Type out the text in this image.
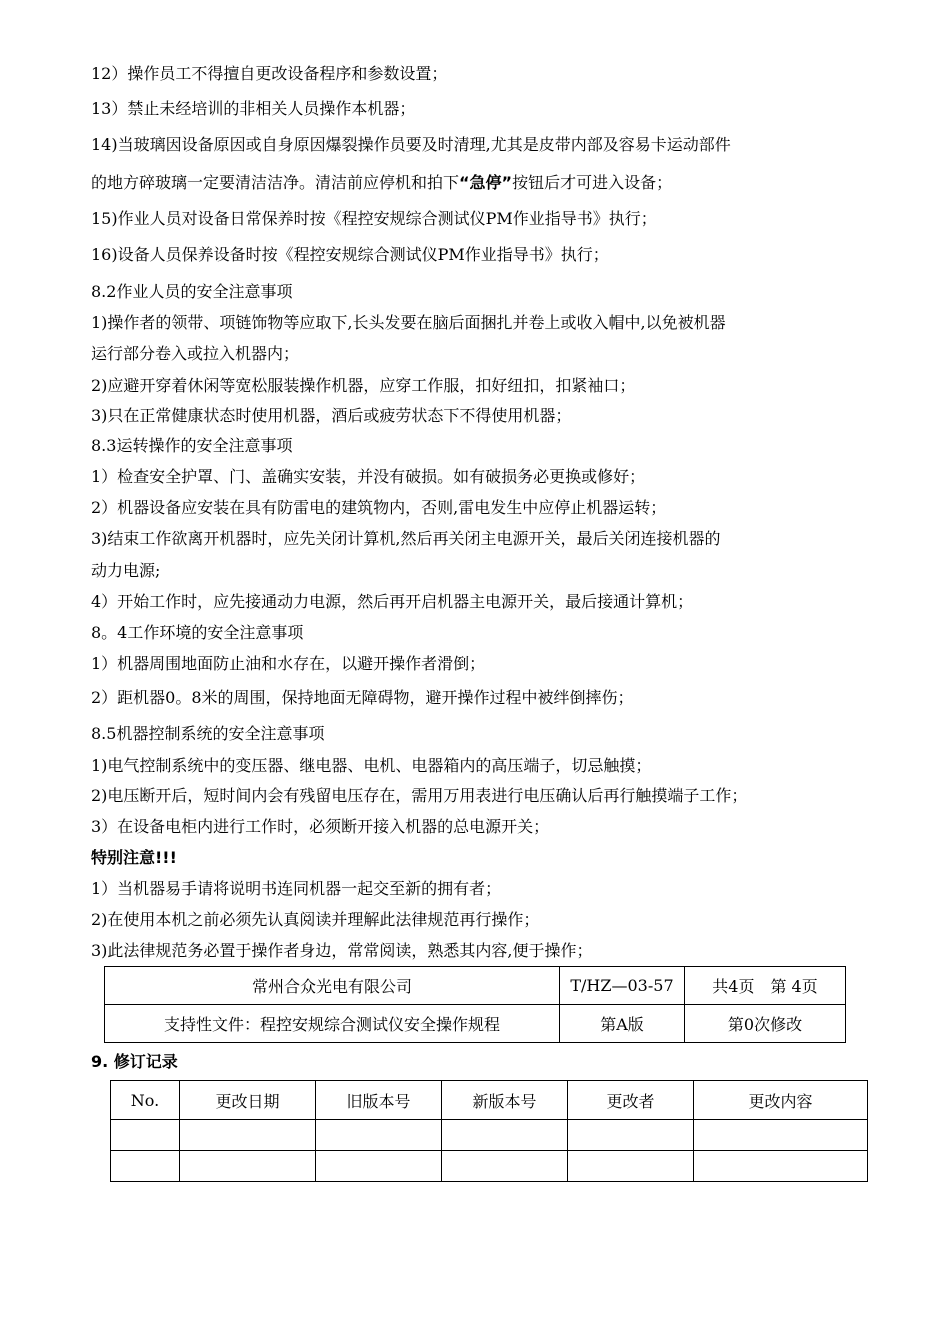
12）操作员工不得擅自更改设备程序和参数设置；
13）禁止未经培训的非相关人员操作本机器；
14)当玻璃因设备原因或自身原因爆裂操作员要及时清理,尤其是皮带内部及容易卡运动部件
的地方碎玻璃一定要清洁洁净。清洁前应停机和拍下“急停”按钮后才可进入设备；
15)作业人员对设备日常保养时按《程控安规综合测试仪PM作业指导书》执行；
16)设备人员保养设备时按《程控安规综合测试仪PM作业指导书》执行；
8.2作业人员的安全注意事项
1)操作者的领带、项链饰物等应取下,长头发要在脑后面捆扎并卷上或收入帽中,以免被机器
运行部分卷入或拉入机器内；
2)应避开穿着休闲等宽松服装操作机器，应穿工作服，扣好纽扣，扣紧袖口；
3)只在正常健康状态时使用机器，酒后或疲劳状态下不得使用机器；
8.3运转操作的安全注意事项
1）检查安全护罩、门、盖确实安装，并没有破损。如有破损务必更换或修好；
2）机器设备应安装在具有防雷电的建筑物内，否则,雷电发生中应停止机器运转；
3)结束工作欲离开机器时，应先关闭计算机,然后再关闭主电源开关，最后关闭连接机器的
动力电源;
4）开始工作时，应先接通动力电源，然后再开启机器主电源开关，最后接通计算机；
8。4工作环境的安全注意事项
1）机器周围地面防止油和水存在，以避开操作者滑倒；
2）距机器0。8米的周围，保持地面无障碍物，避开操作过程中被绊倒摔伤；
8.5机器控制系统的安全注意事项
1)电气控制系统中的变压器、继电器、电机、电器箱内的高压端子，切忌触摸；
2)电压断开后，短时间内会有残留电压存在，需用万用表进行电压确认后再行触摸端子工作；
3）在设备电柜内进行工作时，必须断开接入机器的总电源开关；
特别注意!!!
1）当机器易手请将说明书连同机器一起交至新的拥有者；
2)在使用本机之前必须先认真阅读并理解此法律规范再行操作；
3)此法律规范务必置于操作者身边，常常阅读，熟悉其内容,便于操作；
常州合众光电有限公司	T/HZ—03-57	共4页　第 4页
支持性文件：程控安规综合测试仪安全操作规程	第A版	第0次修改
9. 修订记录
No.	更改日期	旧版本号	新版本号	更改者	更改内容
